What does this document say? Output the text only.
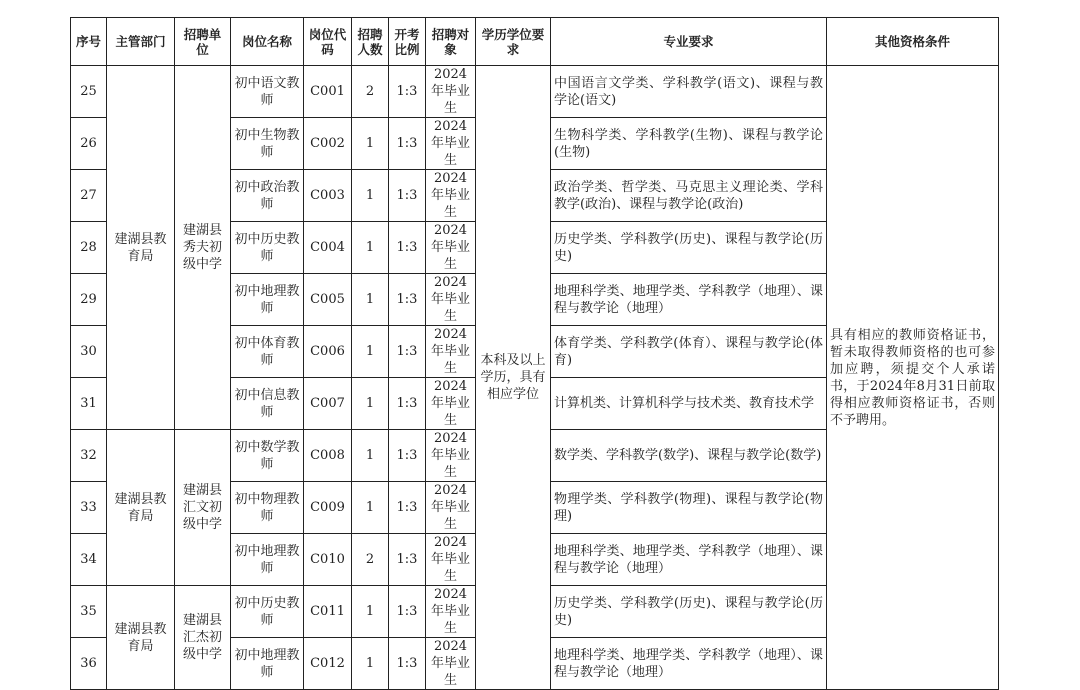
序号	主管部门	招聘单位	岗位名称	岗位代码	招聘人数	开考比例	招聘对象	学历学位要求	专业要求	其他资格条件
25	建湖县教育局	建湖县秀夫初级中学	初中语文教师	C001	2	1:3	2024年毕业生	本科及以上学历，具有相应学位	中国语言文学类、学科教学(语文)、课程与教学论(语文)	具有相应的教师资格证书，暂未取得教师资格的也可参加应聘，须提交个人承诺书，于2024年8月31日前取得相应教师资格证书，否则不予聘用。
26			初中生物教师	C002	1	1:3	2024年毕业生		生物科学类、学科教学(生物)、课程与教学论(生物)	
27			初中政治教师	C003	1	1:3	2024年毕业生		政治学类、哲学类、马克思主义理论类、学科教学(政治)、课程与教学论(政治)	
28			初中历史教师	C004	1	1:3	2024年毕业生		历史学类、学科教学(历史)、课程与教学论(历史)	
29			初中地理教师	C005	1	1:3	2024年毕业生		地理科学类、地理学类、学科教学（地理）、课程与教学论（地理）	
30			初中体育教师	C006	1	1:3	2024年毕业生		体育学类、学科教学(体育）、课程与教学论(体育)	
31			初中信息教师	C007	1	1:3	2024年毕业生		计算机类、计算机科学与技术类、教育技术学	
32	建湖县教育局	建湖县汇文初级中学	初中数学教师	C008	1	1:3	2024年毕业生		数学类、学科教学(数学)、课程与教学论(数学)	
33			初中物理教师	C009	1	1:3	2024年毕业生		物理学类、学科教学(物理)、课程与教学论(物理)	
34			初中地理教师	C010	2	1:3	2024年毕业生		地理科学类、地理学类、学科教学（地理）、课程与教学论（地理）	
35	建湖县教育局	建湖县汇杰初级中学	初中历史教师	C011	1	1:3	2024年毕业生		历史学类、学科教学(历史)、课程与教学论(历史)	
36			初中地理教师	C012	1	1:3	2024年毕业生		地理科学类、地理学类、学科教学（地理）、课程与教学论（地理）	
